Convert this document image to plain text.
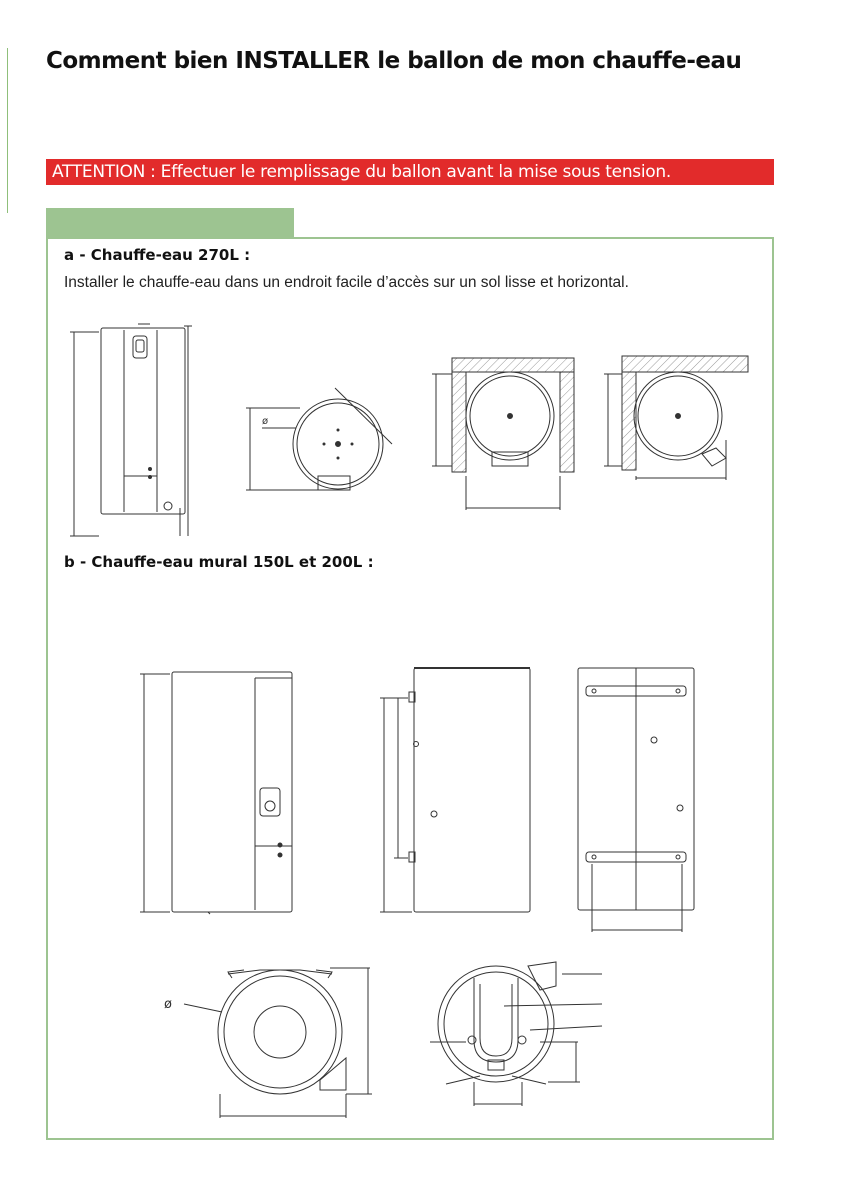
Comment bien INSTALLER le ballon de mon chauffe-eau
ATTENTION : Effectuer le remplissage du ballon avant la mise sous tension.
a - Chauffe-eau 270L :

Installer le chauffe-eau dans un endroit facile d’accès sur un sol lisse et horizontal.

b - Chauffe-eau mural 150L et 200L :
ø
ø
